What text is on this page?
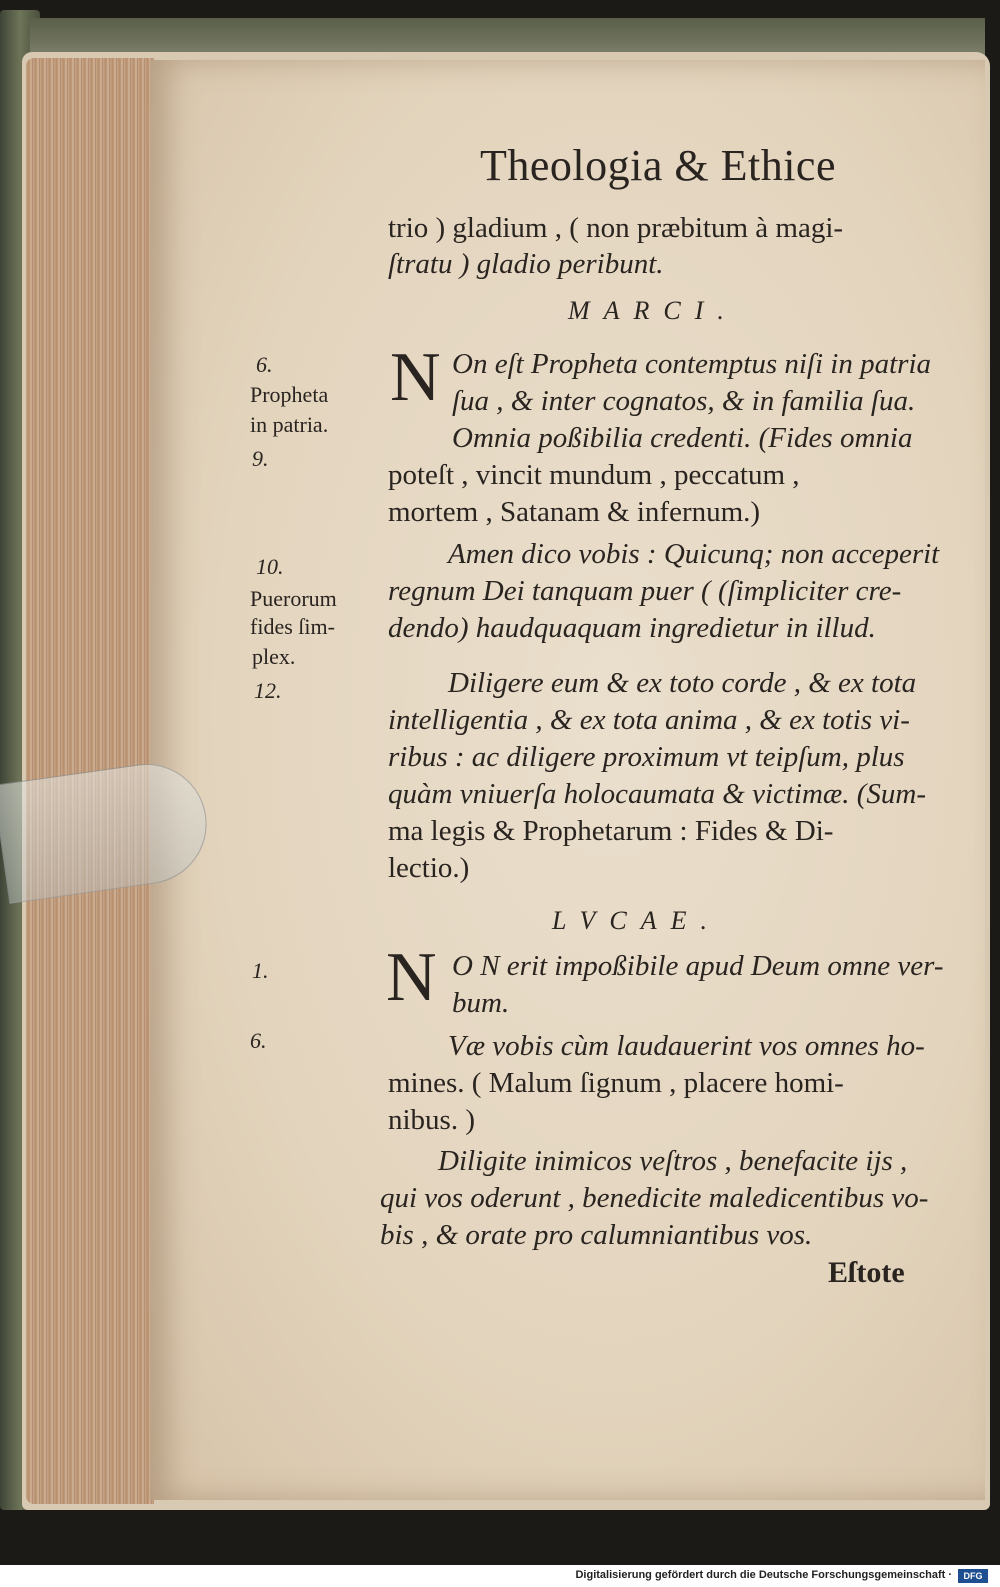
Theologia & Ethice
trio ) gladium , ( non præbitum à magi-
ſtratu ) gladio peribunt.
MARCI.
N On eſt Propheta contemptus niſi in patria
ſua , & inter cognatos, & in familia ſua.
Omnia poßibilia credenti. (Fides omnia
poteſt , vincit mundum , peccatum ,
mortem , Satanam & infernum.)
Amen dico vobis : Quicunq; non acceperit
regnum Dei tanquam puer ( (ſimpliciter cre-
dendo) haudquaquam ingredietur in illud.
Diligere eum & ex toto corde , & ex tota
intelligentia , & ex tota anima , & ex totis vi-
ribus : ac diligere proximum vt teipſum, plus
quàm vniuerſa holocaumata & victimæ. (Sum-
ma legis & Prophetarum : Fides & Di-
lectio.)
LVCAE.
N O N erit impoßibile apud Deum omne ver-
bum.
Væ vobis cùm laudauerint vos omnes ho-
mines. ( Malum ſignum , placere homi-
nibus. )
Diligite inimicos veſtros , benefacite ijs ,
qui vos oderunt , benedicite maledicentibus vo-
bis , & orate pro calumniantibus vos.
Eſtote
6.
Propheta
in patria.
9.
10.
Puerorum
fides ſim-
plex.
12.
1.
6.
Digitalisierung gefördert durch die Deutsche Forschungsgemeinschaft ·	DFG
